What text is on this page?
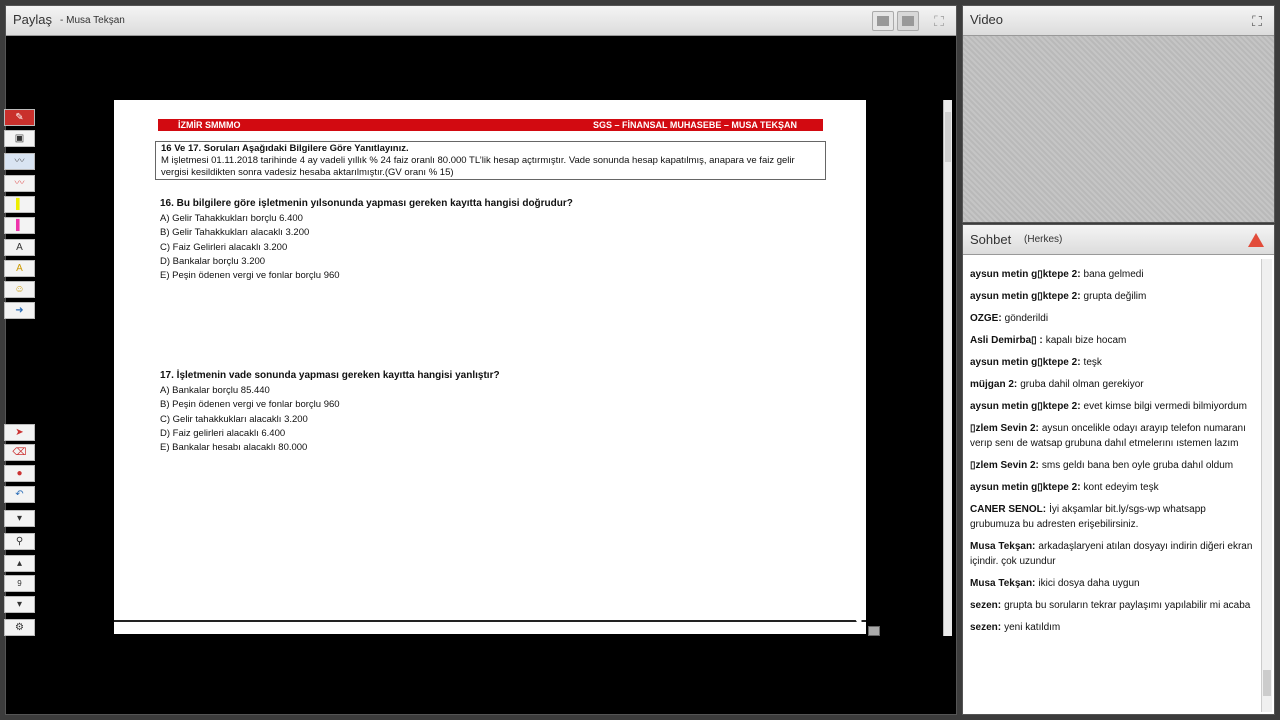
Paylaş	- Musa Tekşan	⛶
✎
▣
〰
〰
▌
▌
A
A
☺
➜
➤
⌫
●
↶
▾
⚲
▴
9
▾
⚙
İZMİR SMMMO	SGS – FİNANSAL MUHASEBE – MUSA TEKŞAN
16 Ve 17. Soruları Aşağıdaki Bilgilere Göre Yanıtlayınız.
M işletmesi 01.11.2018 tarihinde 4 ay vadeli yıllık % 24 faiz oranlı 80.000 TL’lik hesap açtırmıştır. Vade sonunda hesap kapatılmış, anapara ve faiz gelir vergisi kesildikten sonra vadesiz hesaba aktarılmıştır.(GV oranı % 15)
16. Bu bilgilere göre işletmenin yılsonunda yapması gereken kayıtta hangisi doğrudur?
A) Gelir Tahakkukları borçlu 6.400
B) Gelir Tahakkukları alacaklı 3.200
C) Faiz Gelirleri alacaklı 3.200
D) Bankalar borçlu 3.200
E) Peşin ödenen vergi ve fonlar borçlu 960
17. İşletmenin vade sonunda yapması gereken kayıtta hangisi yanlıştır?
A) Bankalar borçlu 85.440
B) Peşin ödenen vergi ve fonlar borçlu 960
C) Gelir tahakkukları alacaklı 3.200
D) Faiz gelirleri alacaklı 6.400
E) Bankalar hesabı alacaklı 80.000
Video	⛶
Sohbet	( Herkes )
aysun metin g▯ktepe 2: bana gelmedi
aysun metin g▯ktepe 2: grupta değilim
OZGE: gönderildi
Asli Demirba▯ : kapalı bize hocam
aysun metin g▯ktepe 2: teşk
müjgan 2: gruba dahil olman gerekiyor
aysun metin g▯ktepe 2: evet kimse bilgi vermedi bilmiyordum
▯zlem Sevin 2: aysun oncelikle odayı arayıp telefon numaranı verıp senı de watsap grubuna dahıl etmelerını ıstemen lazım
▯zlem Sevin 2: sms geldı bana ben oyle gruba dahıl oldum
aysun metin g▯ktepe 2: kont edeyim teşk
CANER SENOL: İyi akşamlar bit.ly/sgs-wp whatsapp grubumuza bu adresten erişebilirsiniz.
Musa Tekşan: arkadaşlaryeni atılan dosyayı indirin diğeri ekran içindir. çok uzundur
Musa Tekşan: ikici dosya daha uygun
sezen: grupta bu soruların tekrar paylaşımı yapılabilir mi acaba
sezen: yeni katıldım
